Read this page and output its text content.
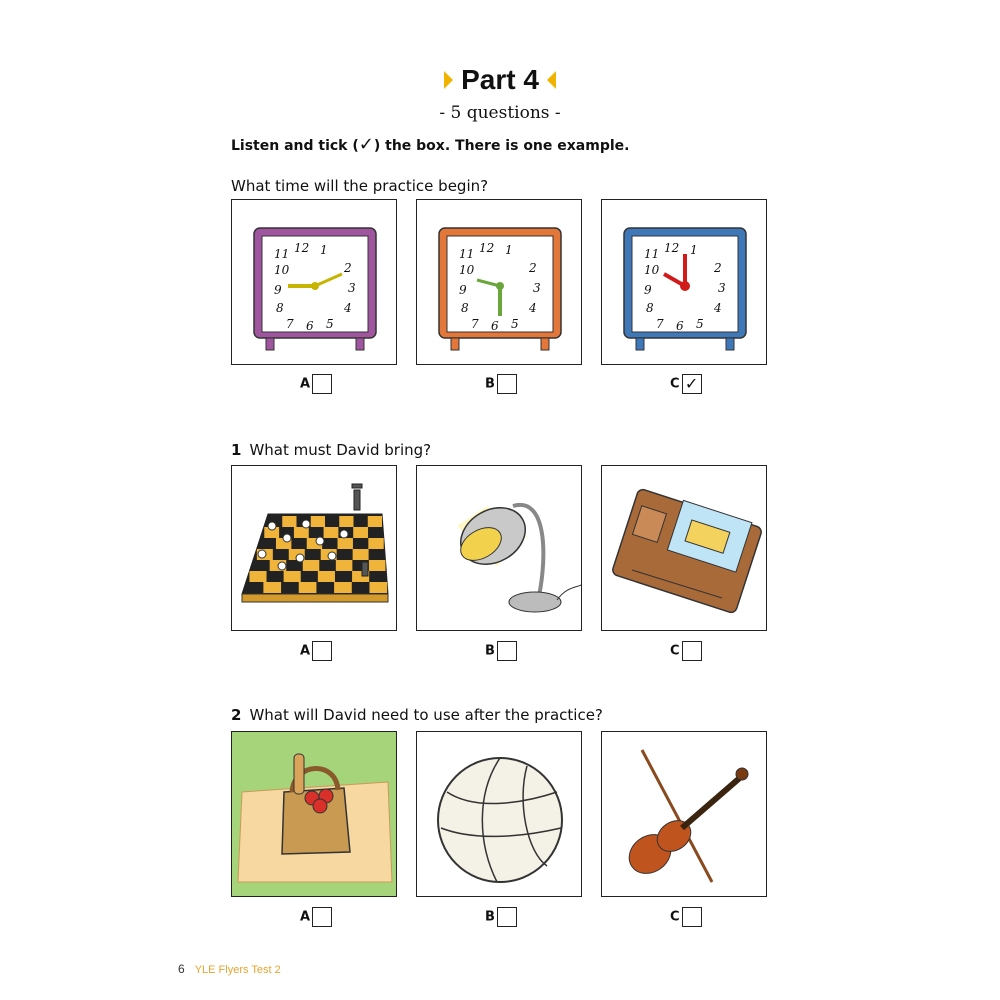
Part 4
- 5 questions -
Listen and tick (✓) the box. There is one example.
What time will the practice begin?
11 12 1
10	2
9	3
8	4
7 6 5
11 12 1
10	2
9	3
8	4
7 6 5
11 12 1
10	2
9	3
8	4
7 6 5
A	B	C ✓
1 What must David bring?
A	B	C
2 What will David need to use after the practice?
A	B	C
6 YLE Flyers Test 2
